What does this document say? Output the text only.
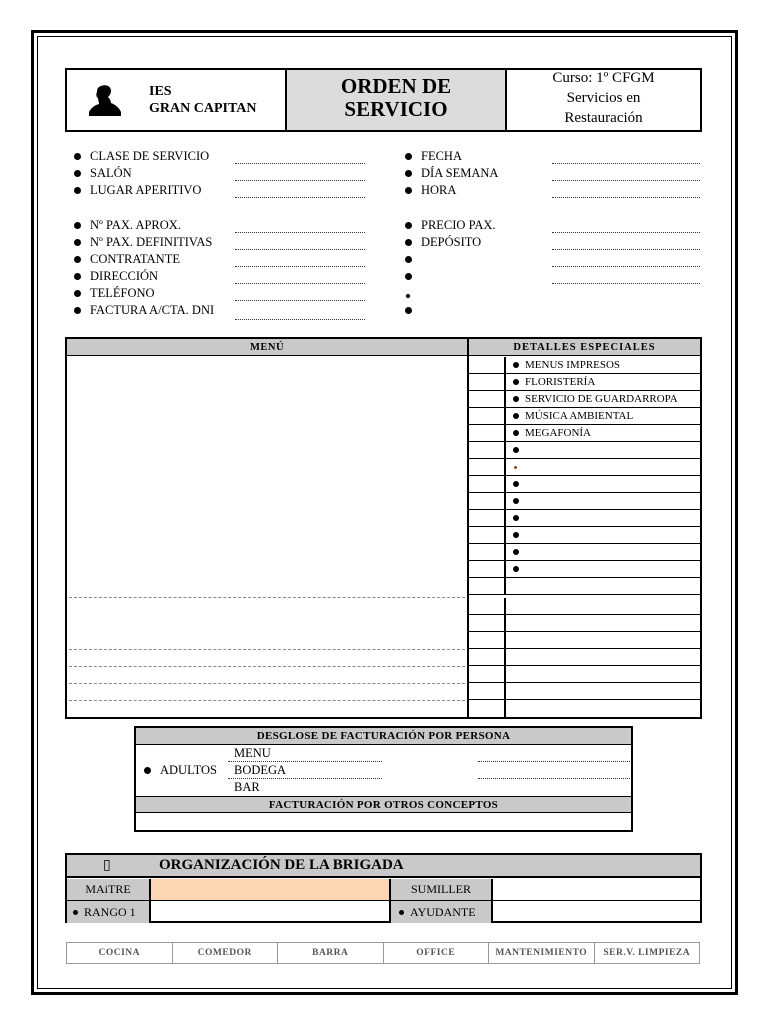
IES
GRAN CAPITAN
ORDEN DE
SERVICIO
Curso: 1º CFGM
Servicios en
Restauración
CLASE DE SERVICIO
SALÓN
LUGAR APERITIVO
FECHA
DÍA SEMANA
HORA
Nº PAX. APROX.
Nº PAX. DEFINITIVAS
CONTRATANTE
DIRECCIÓN
TELÉFONO
FACTURA A/CTA. DNI
PRECIO PAX.
DEPÓSITO
MENÚ	DETALLES ESPECIALES
MENUS IMPRESOS
FLORISTERÍA
SERVICIO DE GUARDARROPA
MÚSICA AMBIENTAL
MEGAFONÍA
DESGLOSE DE FACTURACIÓN POR PERSONA
ADULTOS
MENU
BODEGA
BAR
FACTURACIÓN POR OTROS CONCEPTOS
▯	ORGANIZACIÓN DE LA BRIGADA
MAiTRE	SUMILLER
RANGO 1	AYUDANTE
COCINA	COMEDOR	BARRA	OFFICE	MANTENIMIENTO	SER.V. LIMPIEZA
